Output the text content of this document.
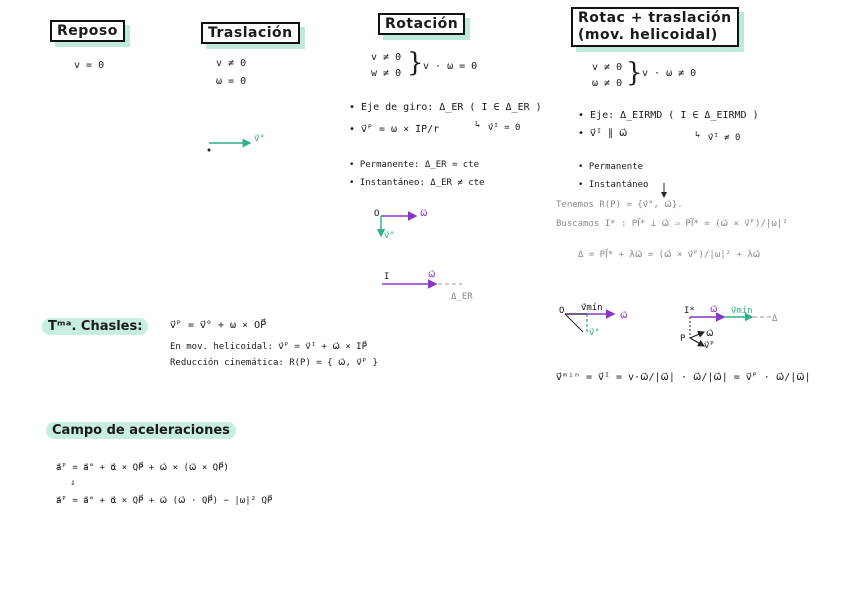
Reposo
v = 0
Traslación
v ≠ 0
ω = 0
v⃗°
Rotación
v ≠ 0
w ≠ 0 } v · ω = 0
• Eje de giro: Δ_ER ( I ∈ Δ_ER )
• v⃗ᴾ = ω × IP/r	↳ v⃗ᴵ = 0
• Permanente: Δ_ER = cte
• Instantáneo: Δ_ER ≠ cte
O	ω⃗
v⃗°
I	ω⃗
Δ_ER
Rotac + traslación
(mov. helicoidal)
v ≠ 0
ω ≠ 0 } v · ω ≠ 0
• Eje: Δ_EIRMD ( I ∈ Δ_EIRMD )
• v⃗ᴵ ∥ ω⃗	↳ v⃗ᴵ ≠ 0
• Permanente
• Instantáneo
Tenemos R(P) = {v⃗°, ω⃗}.
Buscamos I* : PI⃗* ⊥ ω⃗ ⇒ PI⃗* = (ω⃗ × v⃗ᴾ)/|ω|²
Δ = PI⃗* + λω⃗ = (ω⃗ × v⃗ᴾ)/|ω|² + λω⃗
O v⃗mín
ω⃗
v⃗°
I* ω⃗ v⃗mín
Δ
P ω⃗
v⃗ᴾ
v⃗ᵐⁱⁿ = v⃗ᴵ = v·ω⃗/|ω⃗| · ω⃗/|ω⃗| = v⃗ᴾ · ω⃗/|ω⃗|
Tᵐᵃ. Chasles:	v⃗ᴾ = v⃗° + ω × OP⃗
En mov. helicoidal: v⃗ᴾ = v⃗ᴵ + ω⃗ × IP⃗
Reducción cinemática: R(P) = { ω⃗, v⃗ᴾ }
Campo de aceleraciones
a⃗ᴾ = a⃗° + α⃗ × QP⃗ + ω⃗ × (ω⃗ × QP⃗)
⇓
a⃗ᴾ = a⃗° + α⃗ × QP⃗ + ω⃗ (ω⃗ · QP⃗) − |ω|² QP⃗
